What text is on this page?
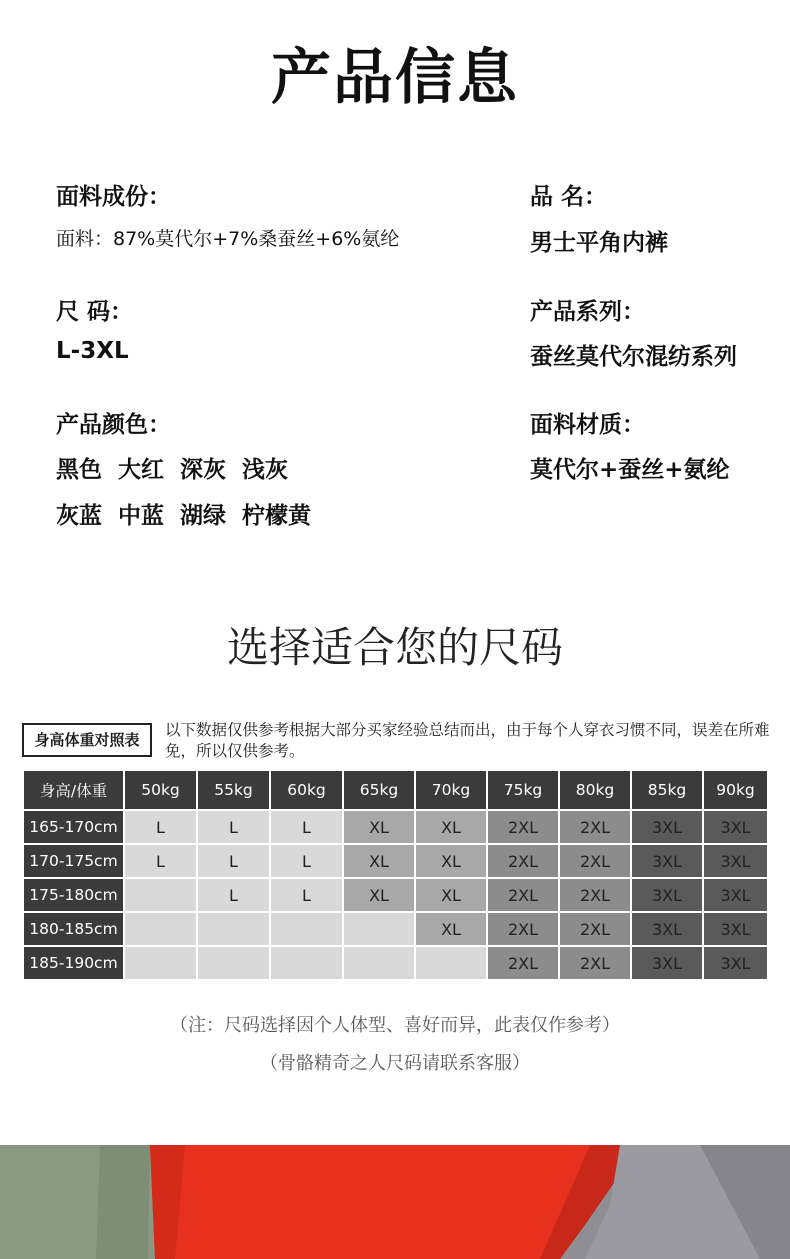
产品信息
面料成份：
面料：87%莫代尔+7%桑蚕丝+6%氨纶
品 名：
男士平角内裤
尺 码：
L-3XL
产品系列：
蚕丝莫代尔混纺系列
产品颜色：
黑色  大红  深灰  浅灰
灰蓝  中蓝  湖绿  柠檬黄
面料材质：
莫代尔+蚕丝+氨纶
选择适合您的尺码
身高体重对照表
以下数据仅供参考根据大部分买家经验总结而出，由于每个人穿衣习惯不同，误差在所难免，所以仅供参考。
身高/体重	50kg	55kg	60kg	65kg	70kg	75kg	80kg	85kg	90kg
165-170cm	L	L	L	XL	XL	2XL	2XL	3XL	3XL
170-175cm	L	L	L	XL	XL	2XL	2XL	3XL	3XL
175-180cm		L	L	XL	XL	2XL	2XL	3XL	3XL
180-185cm					XL	2XL	2XL	3XL	3XL
185-190cm						2XL	2XL	3XL	3XL
（注：尺码选择因个人体型、喜好而异，此表仅作参考）
（骨骼精奇之人尺码请联系客服）
